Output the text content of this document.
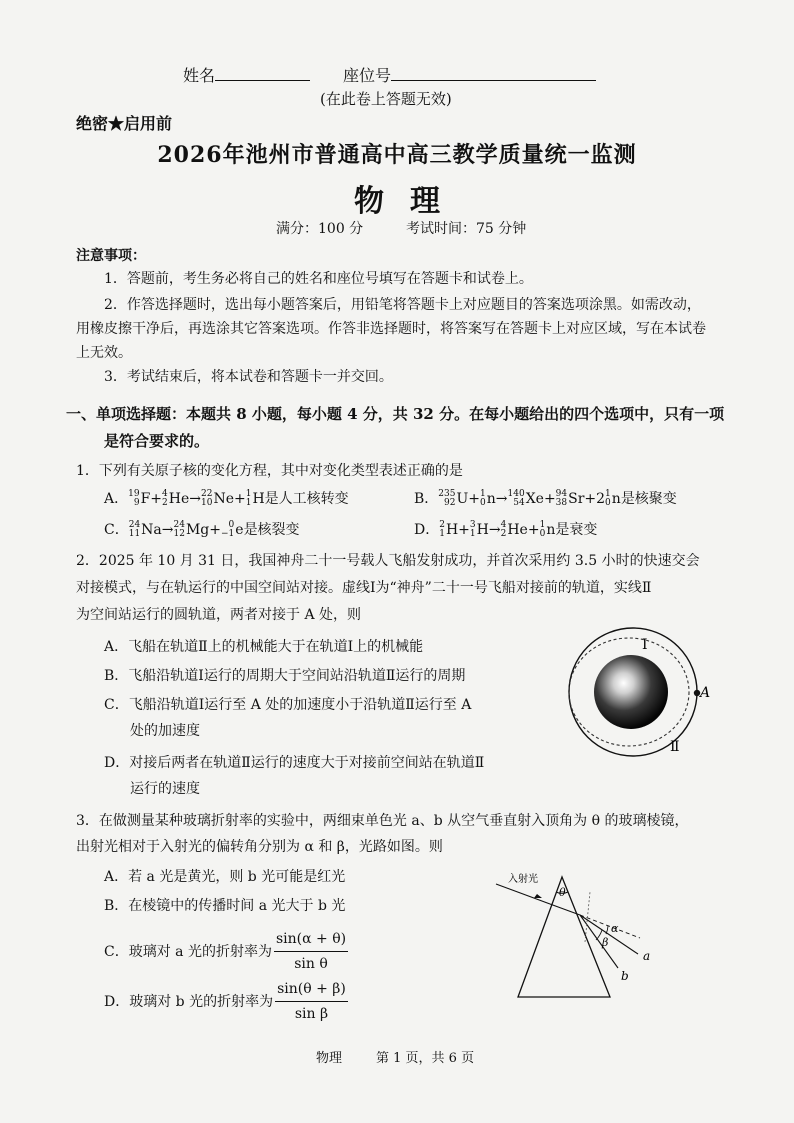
姓名	座位号
(在此卷上答题无效)
绝密★启用前
2026年池州市普通高中高三教学质量统一监测
物理
满分：100 分	考试时间：75 分钟
注意事项：
1．答题前，考生务必将自己的姓名和座位号填写在答题卡和试卷上。
2．作答选择题时，选出每小题答案后，用铅笔将答题卡上对应题目的答案选项涂黑。如需改动，
用橡皮擦干净后，再选涂其它答案选项。作答非选择题时，将答案写在答题卡上对应区域，写在本试卷
上无效。
3．考试结束后，将本试卷和答题卡一并交回。
一、单项选择题：本题共 8 小题，每小题 4 分，共 32 分。在每小题给出的四个选项中，只有一项
是符合要求的。
1．下列有关原子核的变化方程，其中对变化类型表述正确的是
A． 19
9 F+ 4
2 He→ 22
10 Ne+ 1
1 H是人工核转变	B． 235
92 U+ 1
0 n→ 140
54 Xe+ 94
38 Sr+2 1
0 n是核聚变
C． 24
11 Na→ 24
12 Mg+ 0
−1 e是核裂变	D． 2
1 H+ 3
1 H→ 4
2 He+ 1
0 n是衰变
2．2025 年 10 月 31 日，我国神舟二十一号载人飞船发射成功，并首次采用约 3.5 小时的快速交会
对接模式，与在轨运行的中国空间站对接。虚线Ⅰ为“神舟”二十一号飞船对接前的轨道，实线Ⅱ
为空间站运行的圆轨道，两者对接于 A 处，则
A．飞船在轨道Ⅱ上的机械能大于在轨道Ⅰ上的机械能
B．飞船沿轨道Ⅰ运行的周期大于空间站沿轨道Ⅱ运行的周期
C．飞船沿轨道Ⅰ运行至 A 处的加速度小于沿轨道Ⅱ运行至 A
处的加速度
D．对接后两者在轨道Ⅱ运行的速度大于对接前空间站在轨道Ⅱ
运行的速度
Ⅰ
A
Ⅱ
3．在做测量某种玻璃折射率的实验中，两细束单色光 a、b 从空气垂直射入顶角为 θ 的玻璃棱镜，
出射光相对于入射光的偏转角分别为 α 和 β，光路如图。则
A．若 a 光是黄光，则 b 光可能是红光
B．在棱镜中的传播时间 a 光大于 b 光
C．玻璃对 a 光的折射率为 $\frac{\sin(\alpha + \theta)}{\text{sin θ}}$
D．玻璃对 b 光的折射率为 $\frac{\sin(\theta + \beta)}{\text{sin β}}$
入射光
θ
α
β
a
b
物理	第 1 页，共 6 页
